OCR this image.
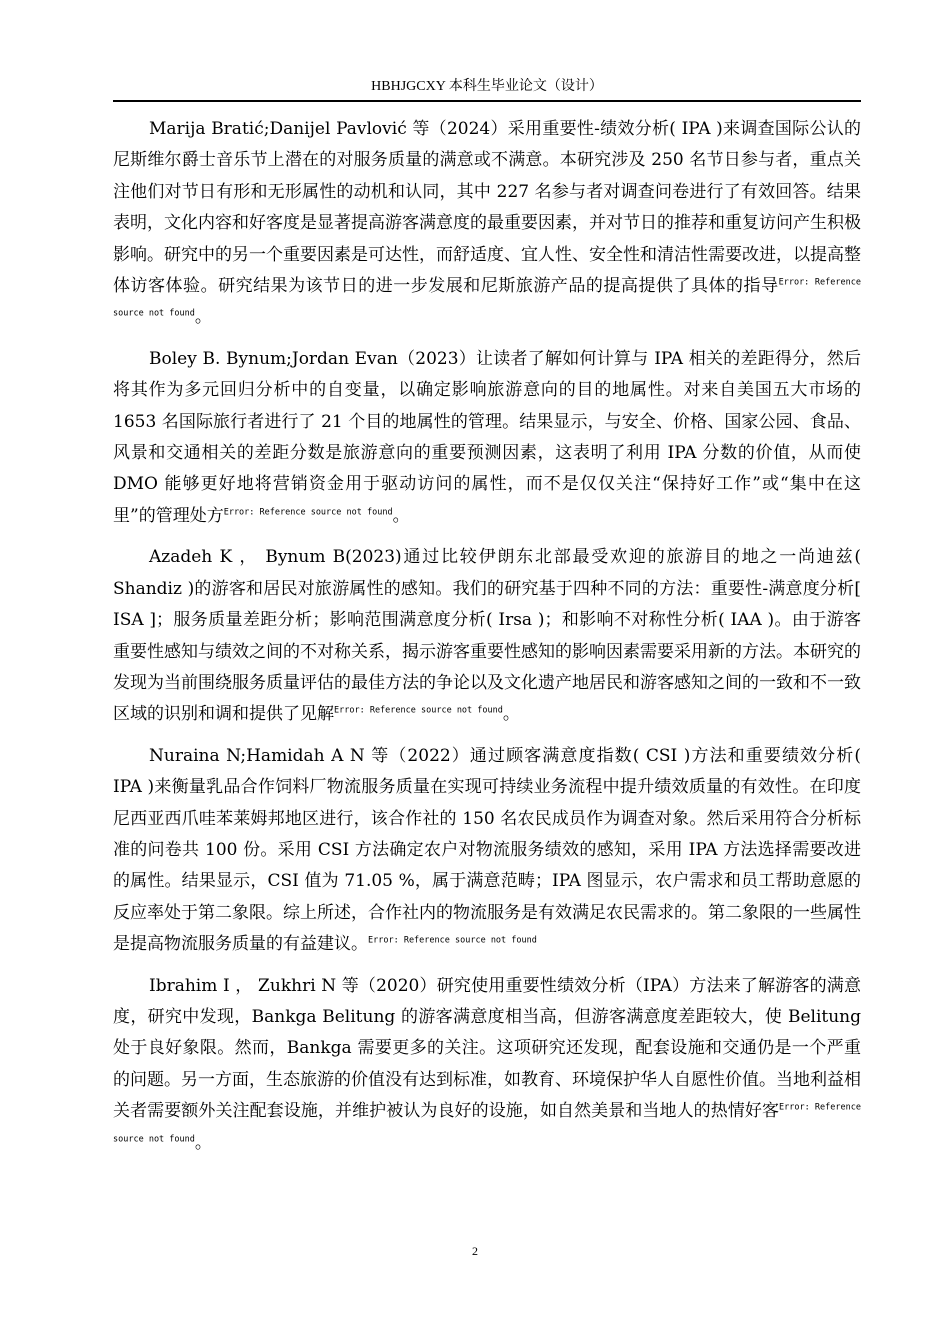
HBHJGCXY 本科生毕业论文（设计）

Marija Bratić;Danijel Pavlović 等（2024）采用重要性-绩效分析( IPA )来调查国际公认的尼斯维尔爵士音乐节上潜在的对服务质量的满意或不满意。本研究涉及 250 名节日参与者，重点关注他们对节日有形和无形属性的动机和认同，其中 227 名参与者对调查问卷进行了有效回答。结果表明，文化内容和好客度是显著提高游客满意度的最重要因素，并对节日的推荐和重复访问产生积极影响。研究中的另一个重要因素是可达性，而舒适度、宜人性、安全性和清洁性需要改进，以提高整体访客体验。研究结果为该节日的进一步发展和尼斯旅游产品的提高提供了具体的指导$^{Error: Reference source not found}$。

Boley B. Bynum;Jordan Evan（2023）让读者了解如何计算与 IPA 相关的差距得分，然后将其作为多元回归分析中的自变量，以确定影响旅游意向的目的地属性。对来自美国五大市场的 1653 名国际旅行者进行了 21 个目的地属性的管理。结果显示，与安全、价格、国家公园、食品、风景和交通相关的差距分数是旅游意向的重要预测因素，这表明了利用 IPA 分数的价值，从而使 DMO 能够更好地将营销资金用于驱动访问的属性，而不是仅仅关注“保持好工作”或“集中在这里”的管理处方$^{Error: Reference source not found}$。

Azadeh K ， Bynum B(2023)通过比较伊朗东北部最受欢迎的旅游目的地之一尚迪兹( Shandiz )的游客和居民对旅游属性的感知。我们的研究基于四种不同的方法：重要性-满意度分析[ ISA ]；服务质量差距分析；影响范围满意度分析( Irsa )；和影响不对称性分析( IAA )。由于游客重要性感知与绩效之间的不对称关系，揭示游客重要性感知的影响因素需要采用新的方法。本研究的发现为当前围绕服务质量评估的最佳方法的争论以及文化遗产地居民和游客感知之间的一致和不一致区域的识别和调和提供了见解$^{Error: Reference source not found}$。

Nuraina N;Hamidah A N 等（2022）通过顾客满意度指数( CSI )方法和重要绩效分析( IPA )来衡量乳品合作饲料厂物流服务质量在实现可持续业务流程中提升绩效质量的有效性。在印度尼西亚西爪哇苯莱姆邦地区进行，该合作社的 150 名农民成员作为调查对象。然后采用符合分析标准的问卷共 100 份。采用 CSI 方法确定农户对物流服务绩效的感知，采用 IPA 方法选择需要改进的属性。结果显示，CSI 值为 71.05 %，属于满意范畴；IPA 图显示，农户需求和员工帮助意愿的反应率处于第二象限。综上所述，合作社内的物流服务是有效满足农民需求的。第二象限的一些属性是提高物流服务质量的有益建议。$^{Error: Reference source not found}$

Ibrahim I ， Zukhri N 等（2020）研究使用重要性绩效分析（IPA）方法来了解游客的满意度，研究中发现，Bankga Belitung 的游客满意度相当高，但游客满意度差距较大，使 Belitung 处于良好象限。然而，Bankga 需要更多的关注。这项研究还发现，配套设施和交通仍是一个严重的问题。另一方面，生态旅游的价值没有达到标准，如教育、环境保护华人自愿性价值。当地利益相关者需要额外关注配套设施，并维护被认为良好的设施，如自然美景和当地人的热情好客$^{Error: Reference source not found}$。

2
